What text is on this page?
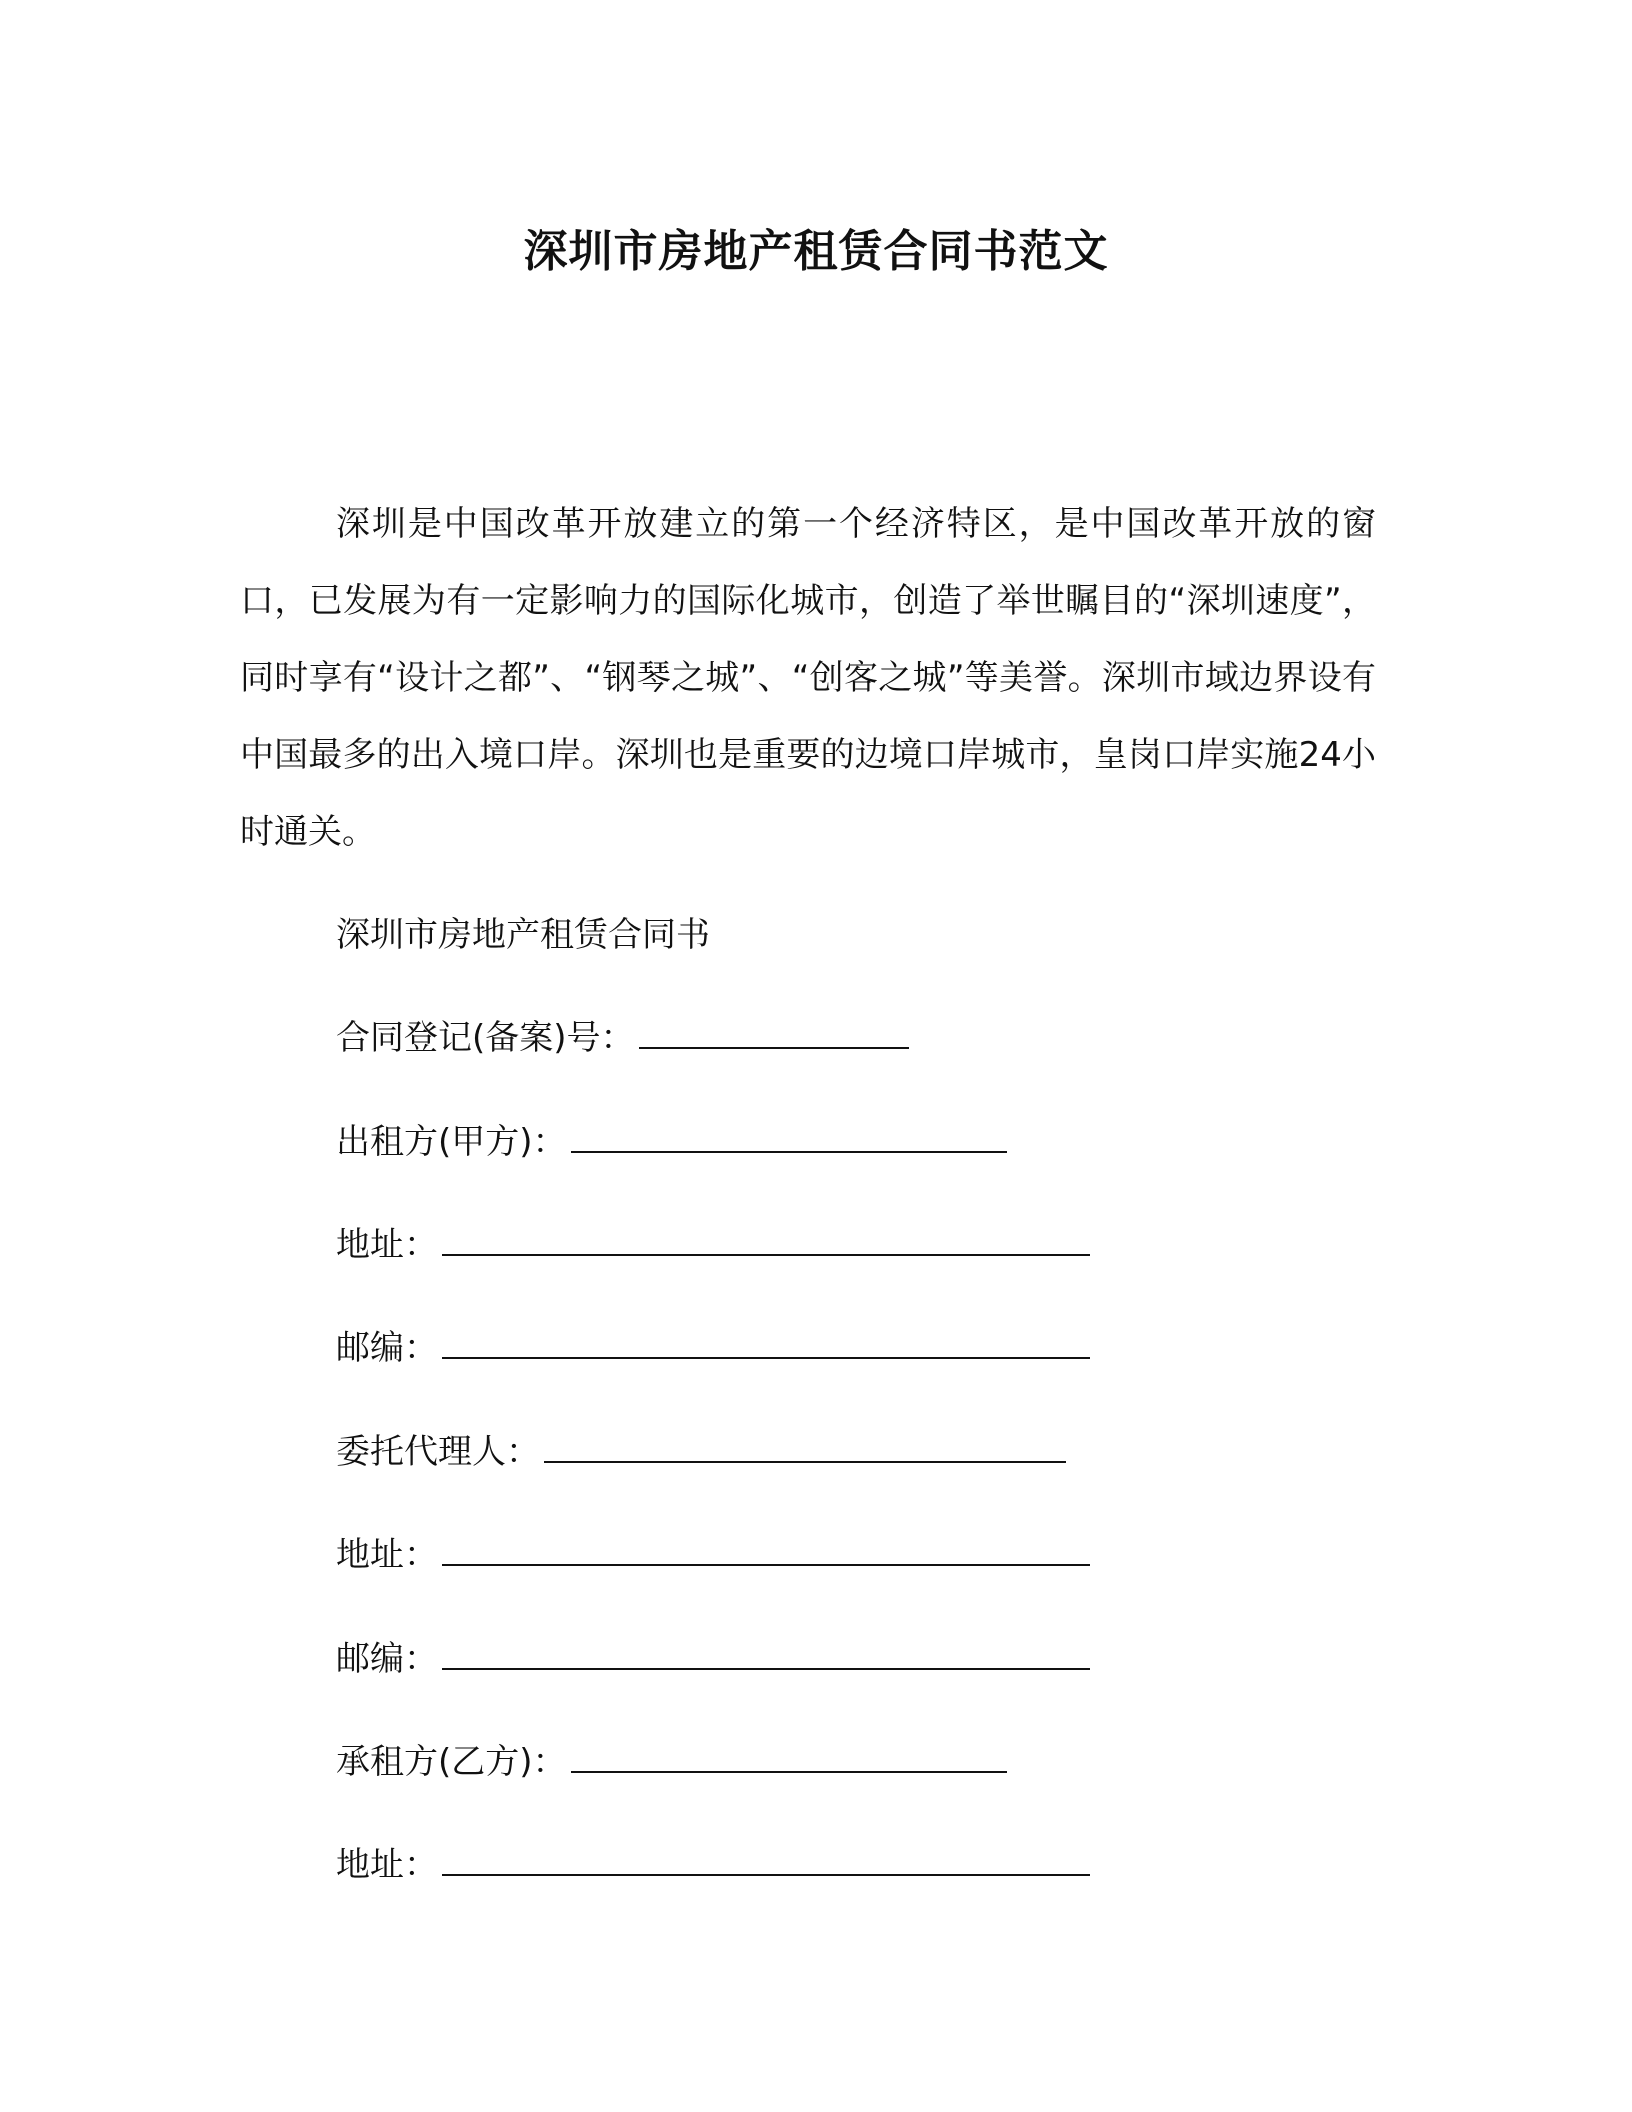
深圳市房地产租赁合同书范文

深圳是中国改革开放建立的第一个经济特区，是中国改革开放的窗口，已发展为有一定影响力的国际化城市，创造了举世瞩目的“深圳速度”，同时享有“设计之都”、“钢琴之城”、“创客之城”等美誉。深圳市域边界设有中国最多的出入境口岸。深圳也是重要的边境口岸城市，皇岗口岸实施24小时通关。

深圳市房地产租赁合同书
合同登记(备案)号：
出租方(甲方)：
地址：
邮编：
委托代理人：
地址：
邮编：
承租方(乙方)：
地址：
